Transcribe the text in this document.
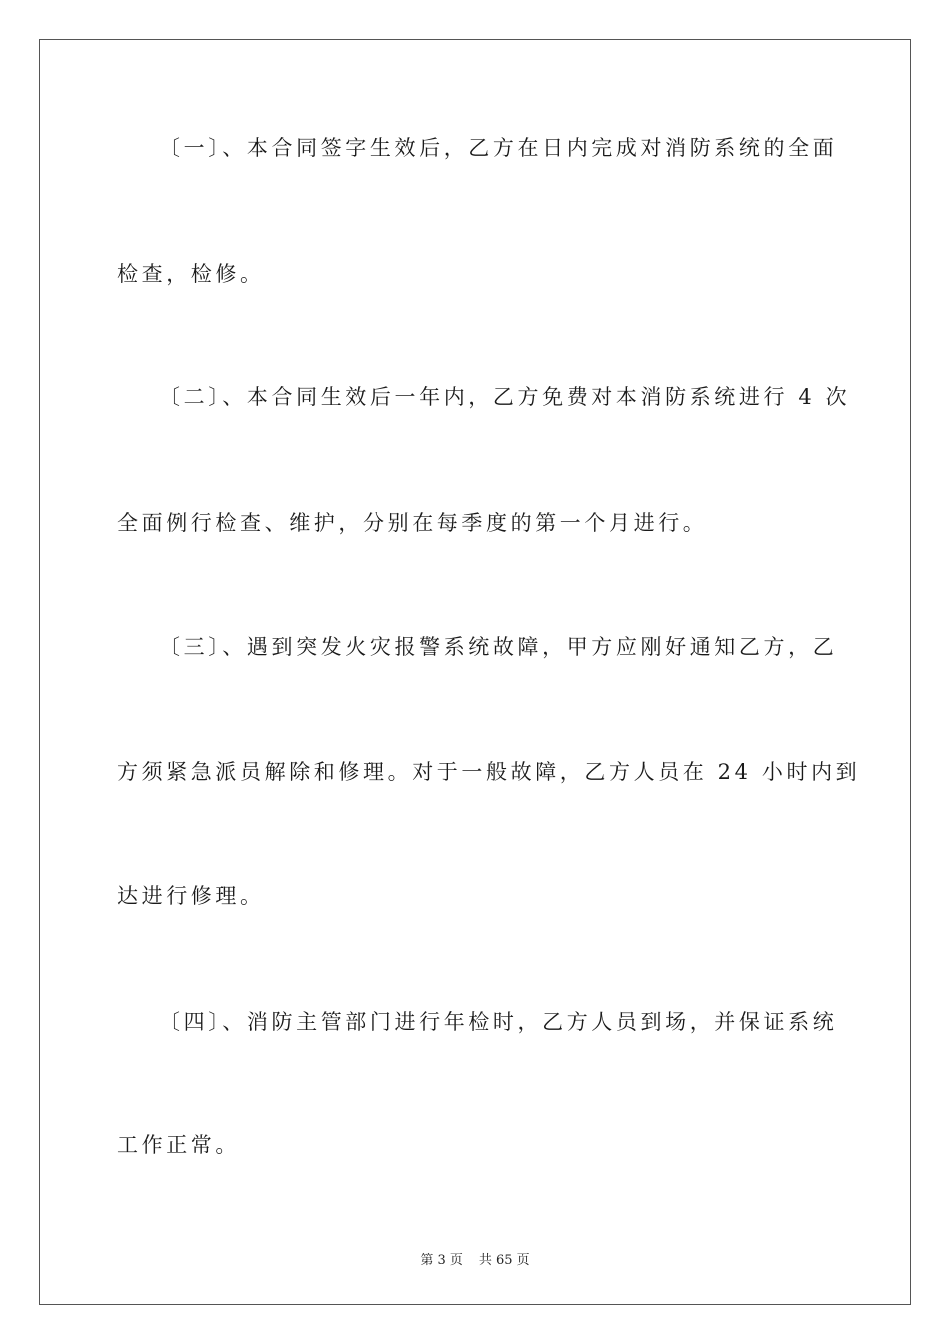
〔一〕、本合同签字生效后，乙方在日内完成对消防系统的全面
检查，检修。
〔二〕、本合同生效后一年内，乙方免费对本消防系统进行 4 次
全面例行检查、维护，分别在每季度的第一个月进行。
〔三〕、遇到突发火灾报警系统故障，甲方应刚好通知乙方，乙
方须紧急派员解除和修理。对于一般故障，乙方人员在 24 小时内到
达进行修理。
〔四〕、消防主管部门进行年检时，乙方人员到场，并保证系统
工作正常。
第 3 页 共 65 页
